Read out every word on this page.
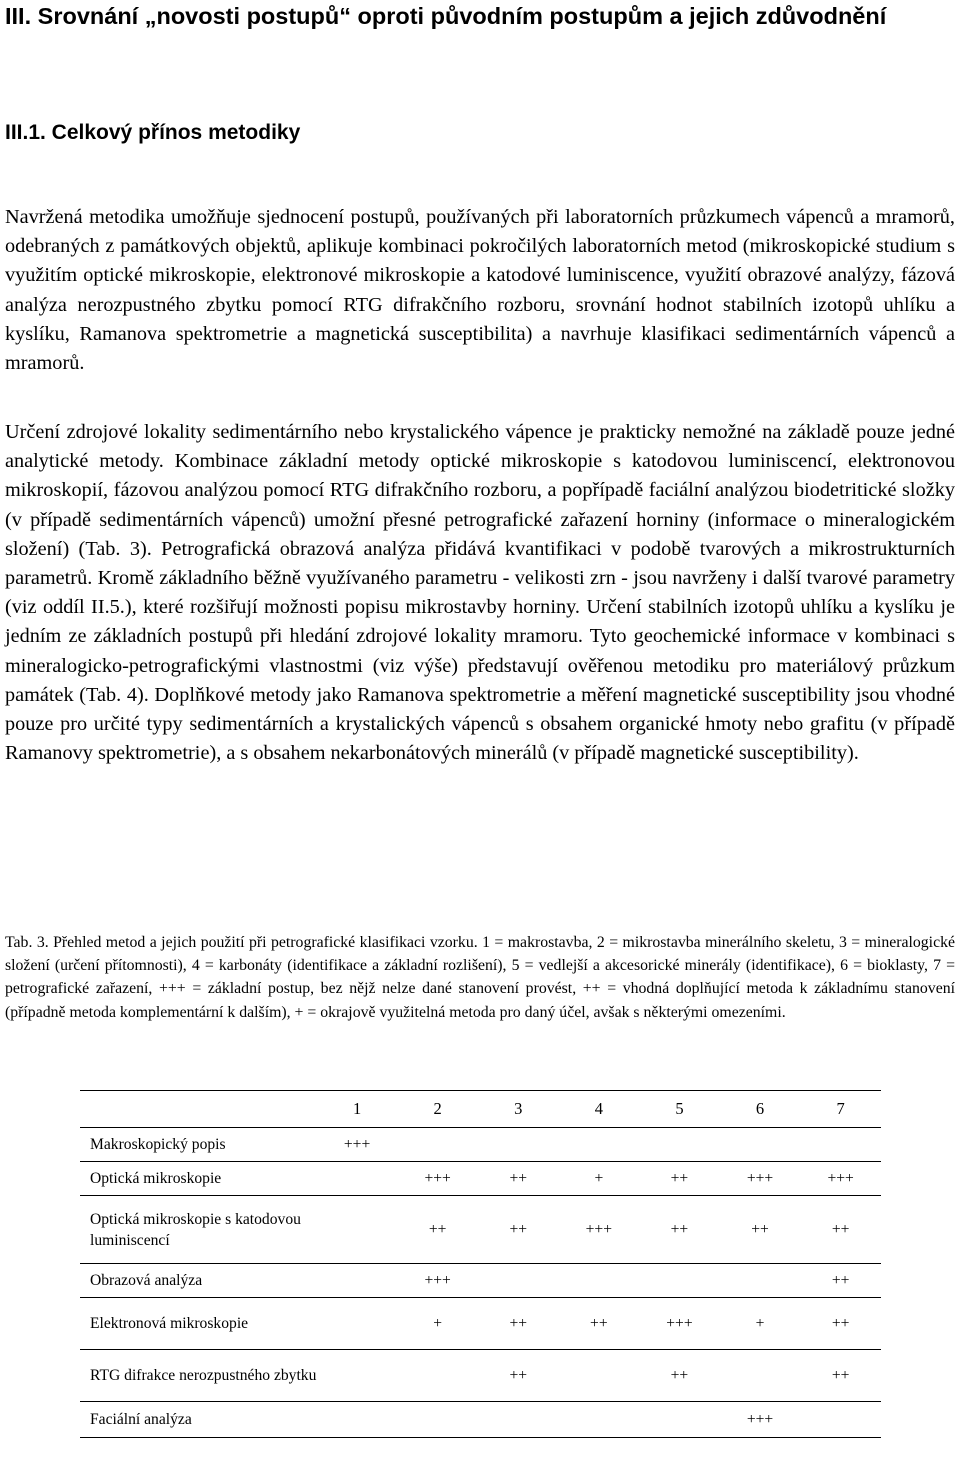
III. Srovnání „novosti postupů“ oproti původním postupům a jejich zdůvodnění
III.1. Celkový přínos metodiky

Navržená metodika umožňuje sjednocení postupů, používaných při laboratorních průzkumech vápenců a mramorů, odebraných z památkových objektů, aplikuje kombinaci pokročilých laboratorních metod (mikroskopické studium s využitím optické mikroskopie, elektronové mikroskopie a katodové luminiscence, využití obrazové analýzy, fázová analýza nerozpustného zbytku pomocí RTG difrakčního rozboru, srovnání hodnot stabilních izotopů uhlíku a kyslíku, Ramanova spektrometrie a magnetická susceptibilita) a navrhuje klasifikaci sedimentárních vápenců a mramorů.

Určení zdrojové lokality sedimentárního nebo krystalického vápence je prakticky nemožné na základě pouze jedné analytické metody. Kombinace základní metody optické mikroskopie s katodovou luminiscencí, elektronovou mikroskopií, fázovou analýzou pomocí RTG difrakčního rozboru, a popřípadě faciální analýzou biodetritické složky (v případě sedimentárních vápenců) umožní přesné petrografické zařazení horniny (informace o mineralogickém složení) (Tab. 3). Petrografická obrazová analýza přidává kvantifikaci v podobě tvarových a mikrostrukturních parametrů. Kromě základního běžně využívaného parametru - velikosti zrn - jsou navrženy i další tvarové parametry (viz oddíl II.5.), které rozšiřují možnosti popisu mikrostavby horniny. Určení stabilních izotopů uhlíku a kyslíku je jedním ze základních postupů při hledání zdrojové lokality mramoru. Tyto geochemické informace v kombinaci s mineralogicko-petrografickými vlastnostmi (viz výše) představují ověřenou metodiku pro materiálový průzkum památek (Tab. 4). Doplňkové metody jako Ramanova spektrometrie a měření magnetické susceptibility jsou vhodné pouze pro určité typy sedimentárních a krystalických vápenců s obsahem organické hmoty nebo grafitu (v případě Ramanovy spektrometrie), a s obsahem nekarbonátových minerálů (v případě magnetické susceptibility).

Tab. 3. Přehled metod a jejich použití při petrografické klasifikaci vzorku. 1 = makrostavba, 2 = mikrostavba minerálního skeletu, 3 = mineralogické složení (určení přítomnosti), 4 = karbonáty (identifikace a základní rozlišení), 5 = vedlejší a akcesorické minerály (identifikace), 6 = bioklasty, 7 = petrografické zařazení, +++ = základní postup, bez nějž nelze dané stanovení provést, ++ = vhodná doplňující metoda k základnímu stanovení (případně metoda komplementární k dalším), + = okrajově využitelná metoda pro daný účel, avšak s některými omezeními.

	1	2	3	4	5	6	7
Makroskopický popis	+++						
Optická mikroskopie		+++	++	+	++	+++	+++
Optická mikroskopie s katodovou luminiscencí		++	++	+++	++	++	++
Obrazová analýza		+++					++
Elektronová mikroskopie		+	++	++	+++	+	++
RTG difrakce nerozpustného zbytku			++		++		++
Faciální analýza						+++	
